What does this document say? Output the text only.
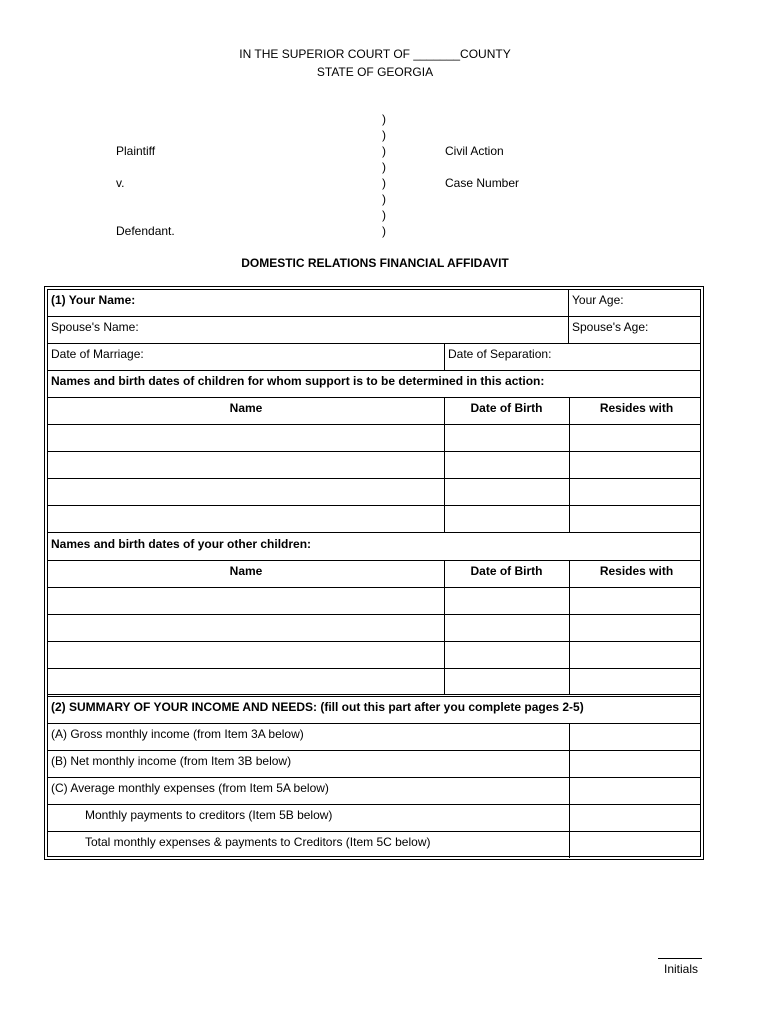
IN THE SUPERIOR COURT OF _______COUNTY
STATE OF GEORGIA
Plaintiff
v.
Defendant.
Civil Action
Case Number
)
)
)
)
)
)
)
)
DOMESTIC RELATIONS FINANCIAL AFFIDAVIT
(1) Your Name:	Your Age:
Spouse's Name:	Spouse's Age:
Date of Marriage:	Date of Separation:
Names and birth dates of children for whom support is to be determined in this action:
Name	Date of Birth	Resides with
Names and birth dates of your other children:
Name	Date of Birth	Resides with
(2) SUMMARY OF YOUR INCOME AND NEEDS: (fill out this part after you complete pages 2-5)
(A) Gross monthly income (from Item 3A below)
(B) Net monthly income (from Item 3B below)
(C) Average monthly expenses (from Item 5A below)
Monthly payments to creditors (Item 5B below)
Total monthly expenses & payments to Creditors (Item 5C below)
Initials
